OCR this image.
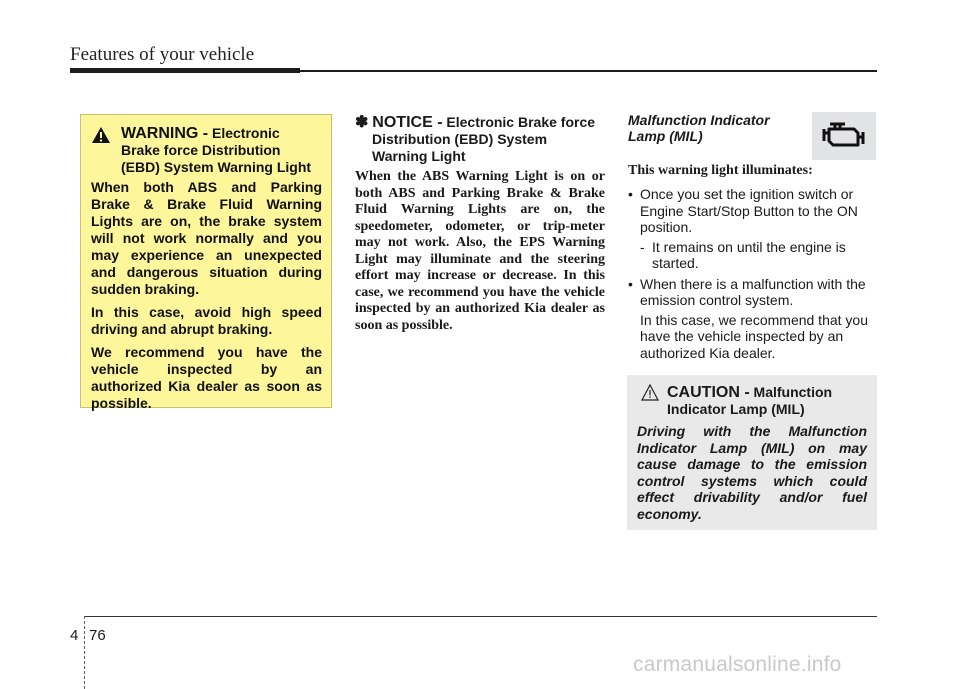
Features of your vehicle
WARNING - Electronic Brake force Distribution (EBD) System Warning Light

When both ABS and Parking Brake & Brake Fluid Warning Lights are on, the brake system will not work normally and you may experience an unexpected and dangerous situation during sudden braking.

In this case, avoid high speed driving and abrupt braking.

We recommend you have the vehicle inspected by an authorized Kia dealer as soon as possible.

✽ NOTICE - Electronic Brake force Distribution (EBD) System Warning Light

When the ABS Warning Light is on or both ABS and Parking Brake & Brake Fluid Warning Lights are on, the speedometer, odometer, or trip-meter may not work. Also, the EPS Warning Light may illuminate and the steering effort may increase or decrease. In this case, we recommend you have the vehicle inspected by an authorized Kia dealer as soon as possible.

Malfunction Indicator Lamp (MIL)
This warning light illuminates:
• Once you set the ignition switch or Engine Start/Stop Button to the ON position.
- It remains on until the engine is started.
• When there is a malfunction with the emission control system.
In this case, we recommend that you have the vehicle inspected by an authorized Kia dealer.
CAUTION - Malfunction Indicator Lamp (MIL)

Driving with the Malfunction Indicator Lamp (MIL) on may cause damage to the emission control systems which could effect drivability and/or fuel economy.

4 76
carmanualsonline.info
